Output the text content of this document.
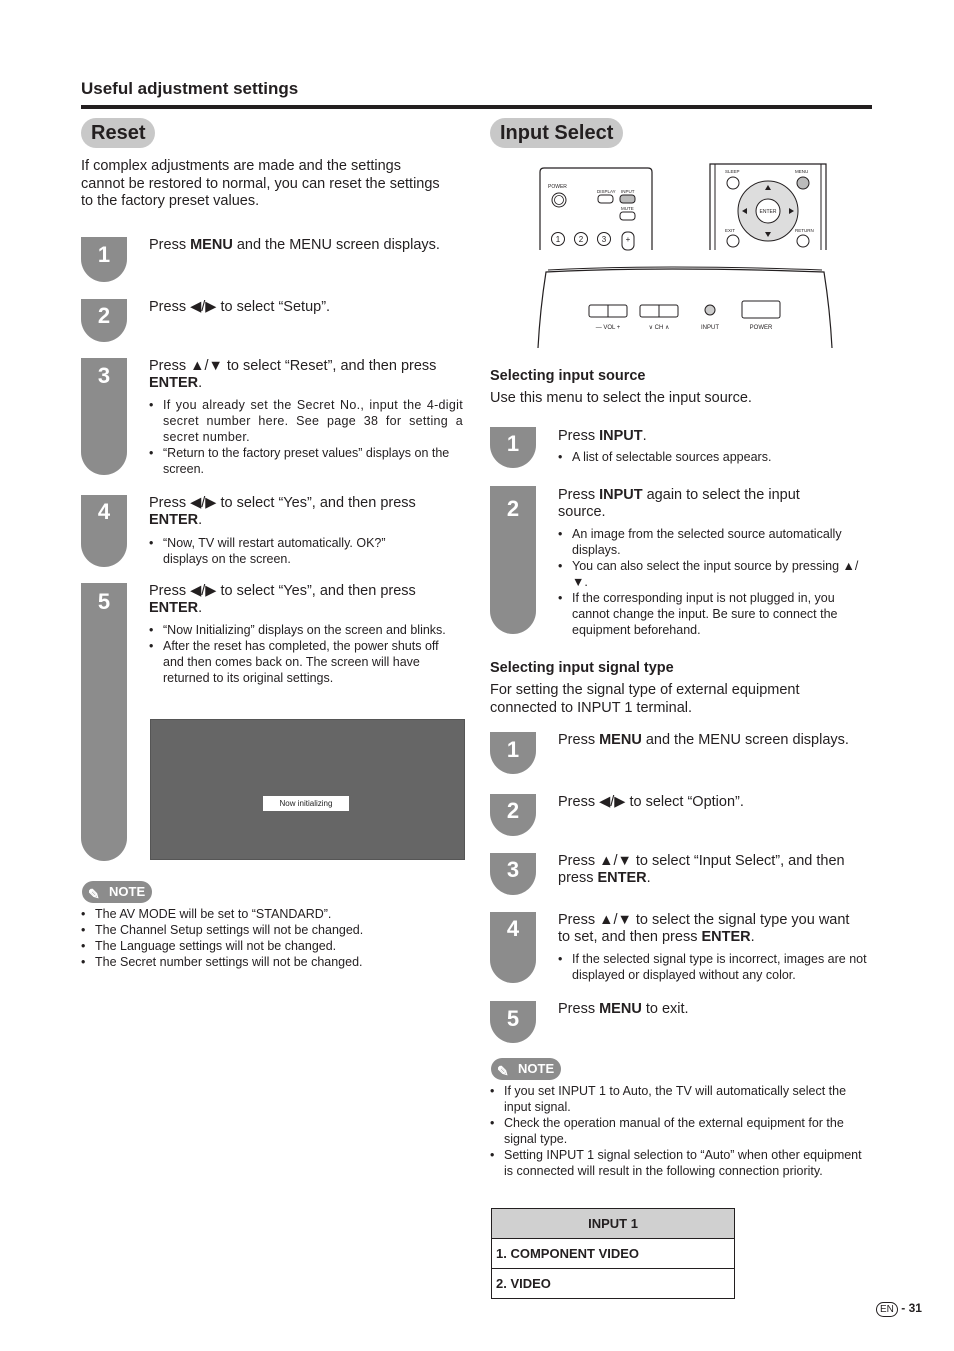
Useful adjustment settings
Reset
If complex adjustments are made and the settings cannot be restored to normal, you can reset the settings to the factory preset values.
1	Press MENU and the MENU screen displays.
2	Press ◀/▶ to select “Setup”.
3	Press ▲/▼ to select “Reset”, and then press ENTER.
• If you already set the Secret No., input the 4-digit secret number here. See page 38 for setting a secret number.
• “Return to the factory preset values” displays on the screen.
4	Press ◀/▶ to select “Yes”, and then press ENTER.
• “Now, TV will restart automatically. OK?” displays on the screen.
5	Press ◀/▶ to select “Yes”, and then press ENTER.
• “Now Initializing” displays on the screen and blinks.
• After the reset has completed, the power shuts off and then comes back on. The screen will have returned to its original settings.
Now initializing
✎ NOTE
• The AV MODE will be set to “STANDARD”.
• The Channel Setup settings will not be changed.
• The Language settings will not be changed.
• The Secret number settings will not be changed.
Input Select
POWER
DISPLAY INPUT
MUTE
1 2 3 +
SLEEP	MENU
ENTER
EXIT	RETURN
— VOL +	∨ CH ∧	INPUT	POWER
Selecting input source
Use this menu to select the input source.
1	Press INPUT.
• A list of selectable sources appears.
2
Press INPUT again to select the input source.
• An image from the selected source automatically displays.
• You can also select the input source by pressing ▲/▼.
• If the corresponding input is not plugged in, you cannot change the input. Be sure to connect the equipment beforehand.
Selecting input signal type
For setting the signal type of external equipment connected to INPUT 1 terminal.
1	Press MENU and the MENU screen displays.
2	Press ◀/▶ to select “Option”.
3	Press ▲/▼ to select “Input Select”, and then press ENTER.
4	Press ▲/▼ to select the signal type you want to set, and then press ENTER.
• If the selected signal type is incorrect, images are not displayed or displayed without any color.
5	Press MENU to exit.
✎ NOTE
• If you set INPUT 1 to Auto, the TV will automatically select the input signal.
• Check the operation manual of the external equipment for the signal type.
• Setting INPUT 1 signal selection to “Auto” when other equipment is connected will result in the following connection priority.
INPUT 1
1. COMPONENT VIDEO
2. VIDEO
EN - 31
